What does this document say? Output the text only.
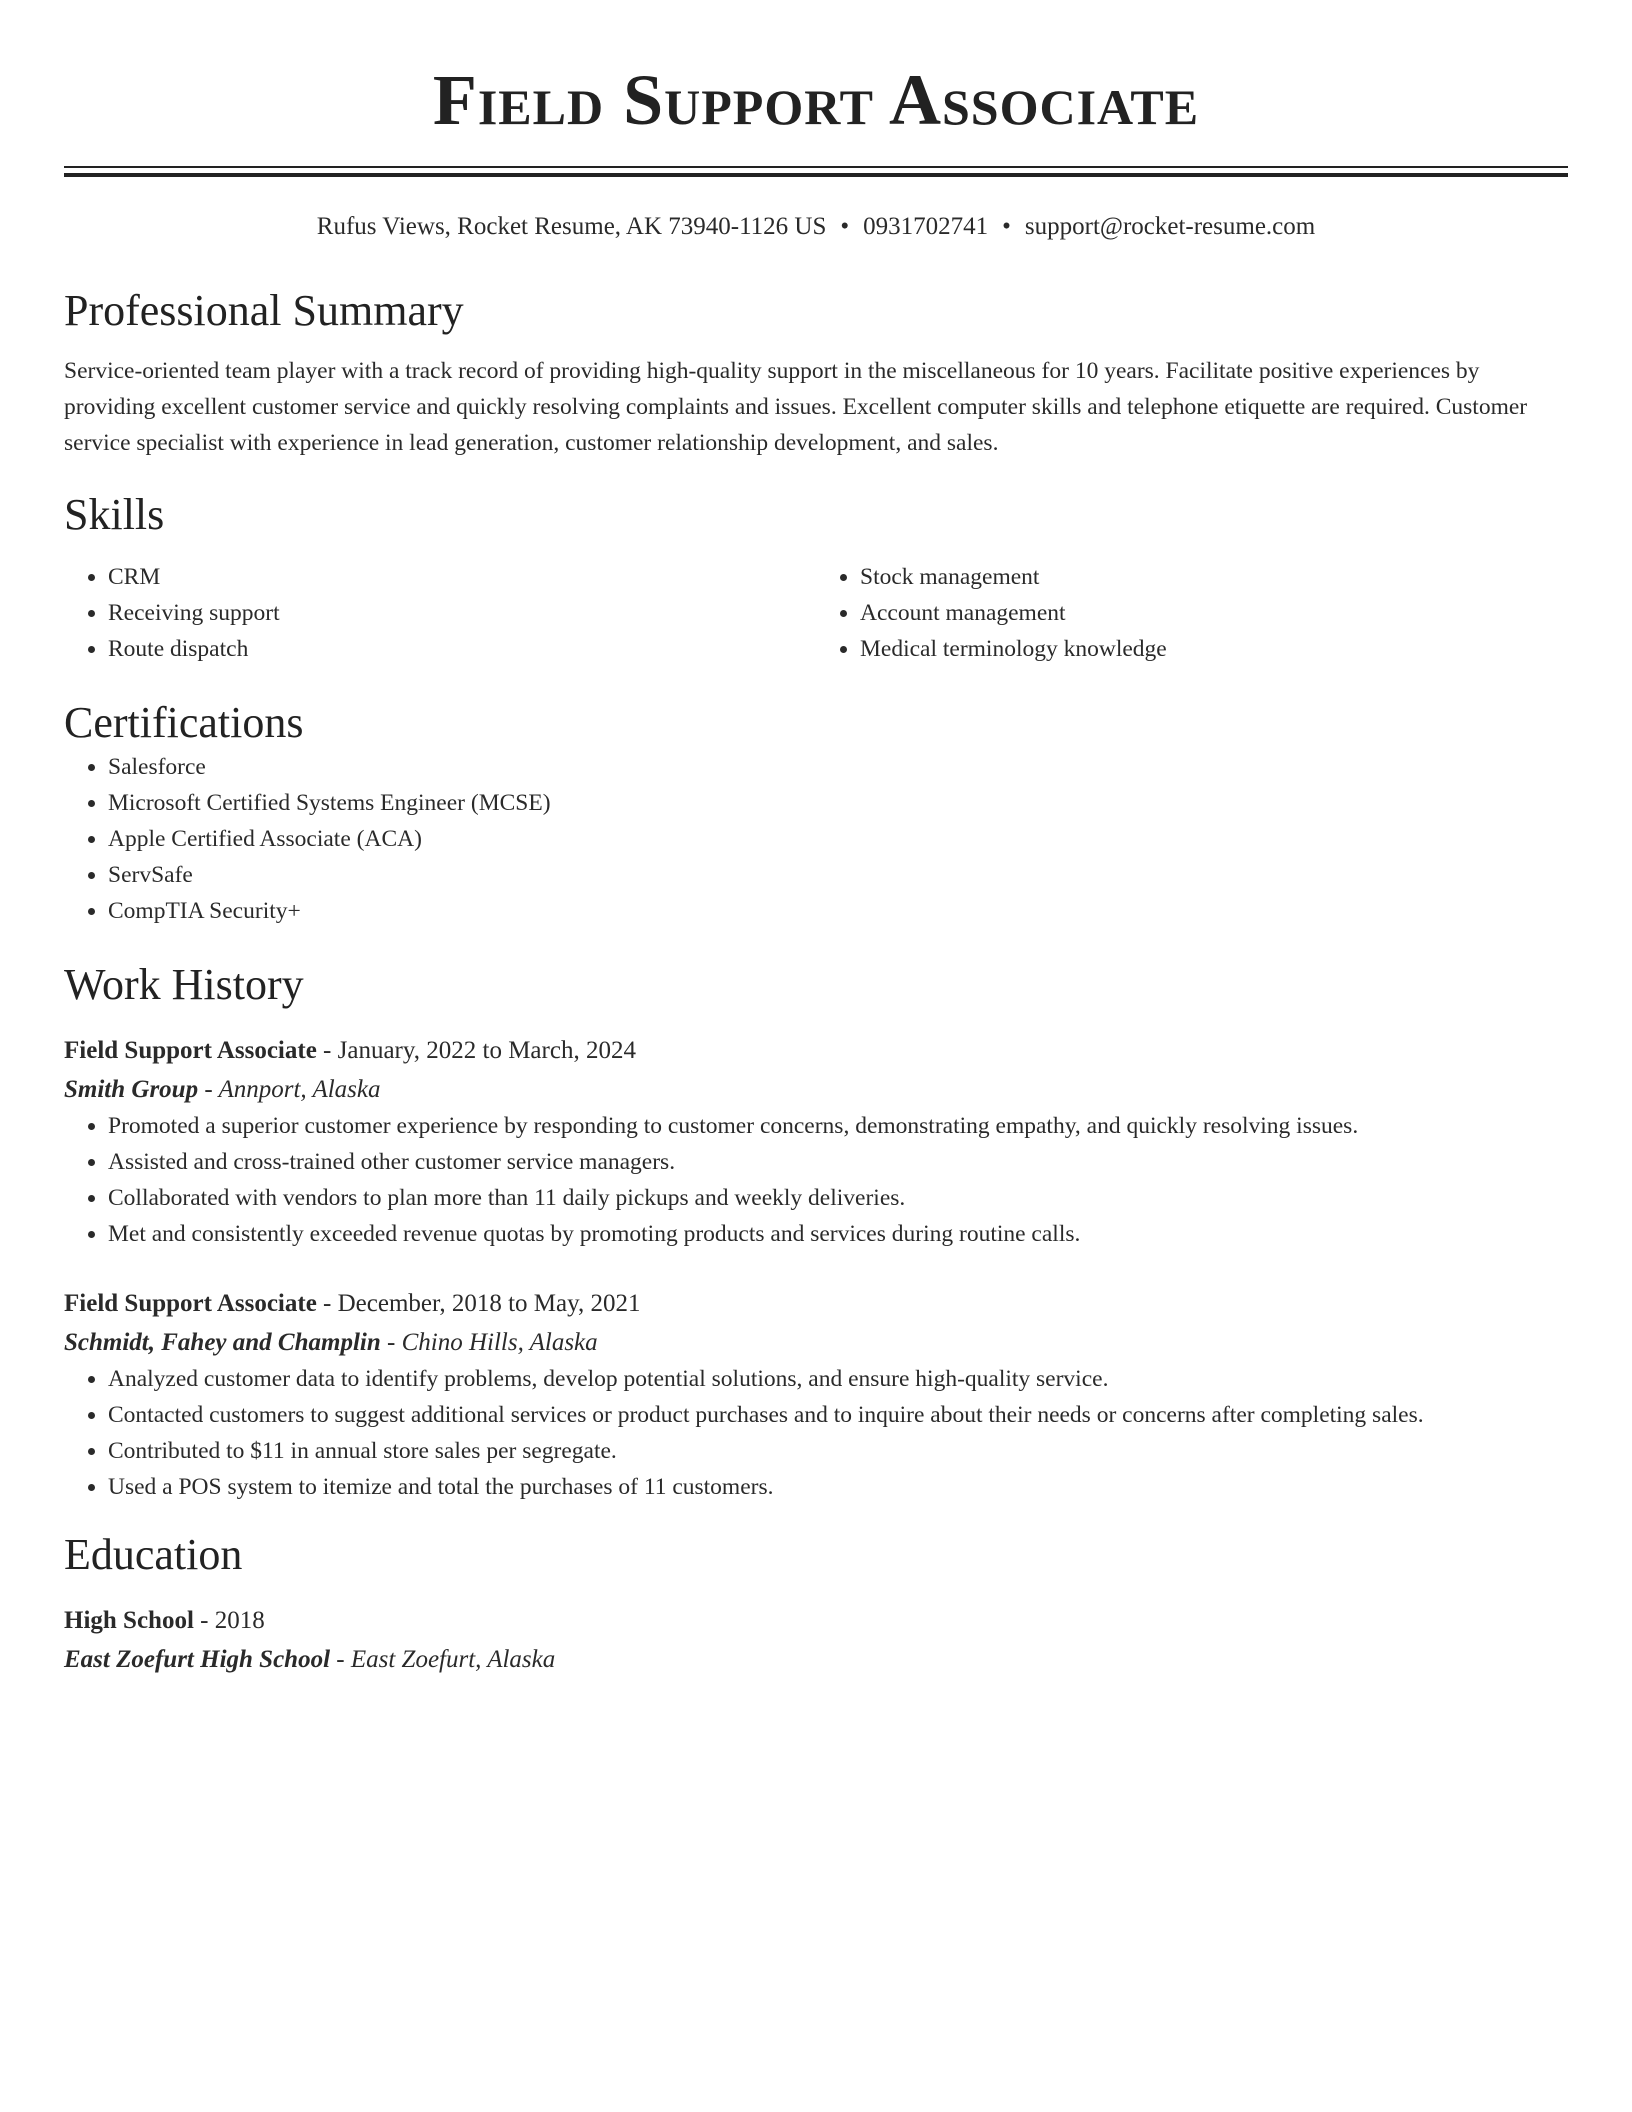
Field Support Associate
Rufus Views, Rocket Resume, AK 73940-1126 US • 0931702741 • support@rocket-resume.com
Professional Summary
Service-oriented team player with a track record of providing high-quality support in the miscellaneous for 10 years. Facilitate positive experiences by providing excellent customer service and quickly resolving complaints and issues. Excellent computer skills and telephone etiquette are required. Customer service specialist with experience in lead generation, customer relationship development, and sales.
Skills
• CRM
• Receiving support
• Route dispatch
• Stock management
• Account management
• Medical terminology knowledge
Certifications
• Salesforce
• Microsoft Certified Systems Engineer (MCSE)
• Apple Certified Associate (ACA)
• ServSafe
• CompTIA Security+
Work History
Field Support Associate - January, 2022 to March, 2024
Smith Group - Annport, Alaska
• Promoted a superior customer experience by responding to customer concerns, demonstrating empathy, and quickly resolving issues.
• Assisted and cross-trained other customer service managers.
• Collaborated with vendors to plan more than 11 daily pickups and weekly deliveries.
• Met and consistently exceeded revenue quotas by promoting products and services during routine calls.
Field Support Associate - December, 2018 to May, 2021
Schmidt, Fahey and Champlin - Chino Hills, Alaska
• Analyzed customer data to identify problems, develop potential solutions, and ensure high-quality service.
• Contacted customers to suggest additional services or product purchases and to inquire about their needs or concerns after completing sales.
• Contributed to $11 in annual store sales per segregate.
• Used a POS system to itemize and total the purchases of 11 customers.
Education
High School - 2018
East Zoefurt High School - East Zoefurt, Alaska
